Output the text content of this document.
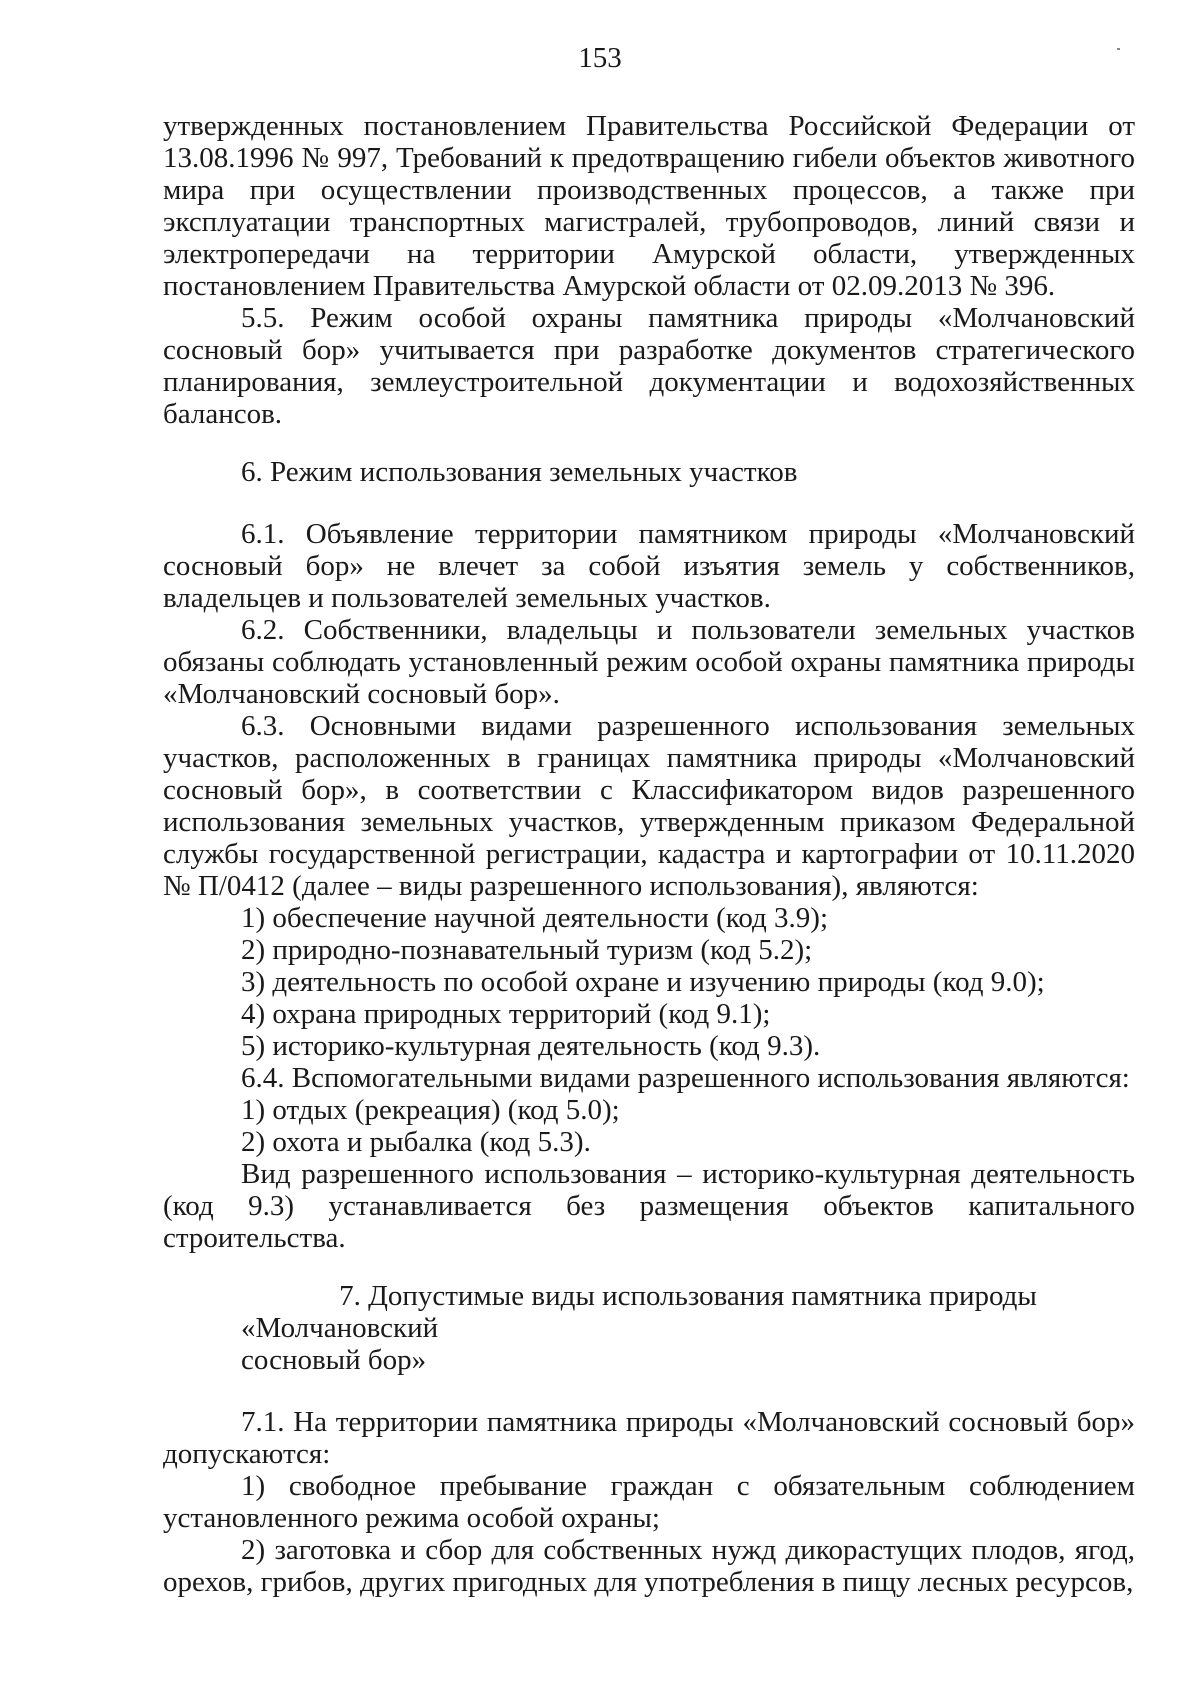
153

утвержденных постановлением Правительства Российской Федерации от 13.08.1996 № 997, Требований к предотвращению гибели объектов животного мира при осуществлении производственных процессов, а также при эксплуатации транспортных магистралей, трубопроводов, линий связи и электропередачи на территории Амурской области, утвержденных постановлением Правительства Амурской области от 02.09.2013 № 396.

5.5. Режим особой охраны памятника природы «Молчановский сосновый бор» учитывается при разработке документов стратегического планирования, землеустроительной документации и водохозяйственных балансов.

6. Режим использования земельных участков

6.1. Объявление территории памятником природы «Молчановский сосновый бор» не влечет за собой изъятия земель у собственников, владельцев и пользователей земельных участков.

6.2. Собственники, владельцы и пользователи земельных участков обязаны соблюдать установленный режим особой охраны памятника природы «Молчановский сосновый бор».

6.3. Основными видами разрешенного использования земельных участков, расположенных в границах памятника природы «Молчановский сосновый бор», в соответствии с Классификатором видов разрешенного использования земельных участков, утвержденным приказом Федеральной службы государственной регистрации, кадастра и картографии от 10.11.2020 № П/0412 (далее – виды разрешенного использования), являются:

1) обеспечение научной деятельности (код 3.9);

2) природно-познавательный туризм (код 5.2);

3) деятельность по особой охране и изучению природы (код 9.0);

4) охрана природных территорий (код 9.1);

5) историко-культурная деятельность (код 9.3).

6.4. Вспомогательными видами разрешенного использования являются:

1) отдых (рекреация) (код 5.0);

2) охота и рыбалка (код 5.3).

Вид разрешенного использования – историко-культурная деятельность (код 9.3) устанавливается без размещения объектов капитального строительства.

7. Допустимые виды использования памятника природы «Молчановский

сосновый бор»

7.1. На территории памятника природы «Молчановский сосновый бор» допускаются:

1) свободное пребывание граждан с обязательным соблюдением установленного режима особой охраны;

2) заготовка и сбор для собственных нужд дикорастущих плодов, ягод, орехов, грибов, других пригодных для употребления в пищу лесных ресурсов,
